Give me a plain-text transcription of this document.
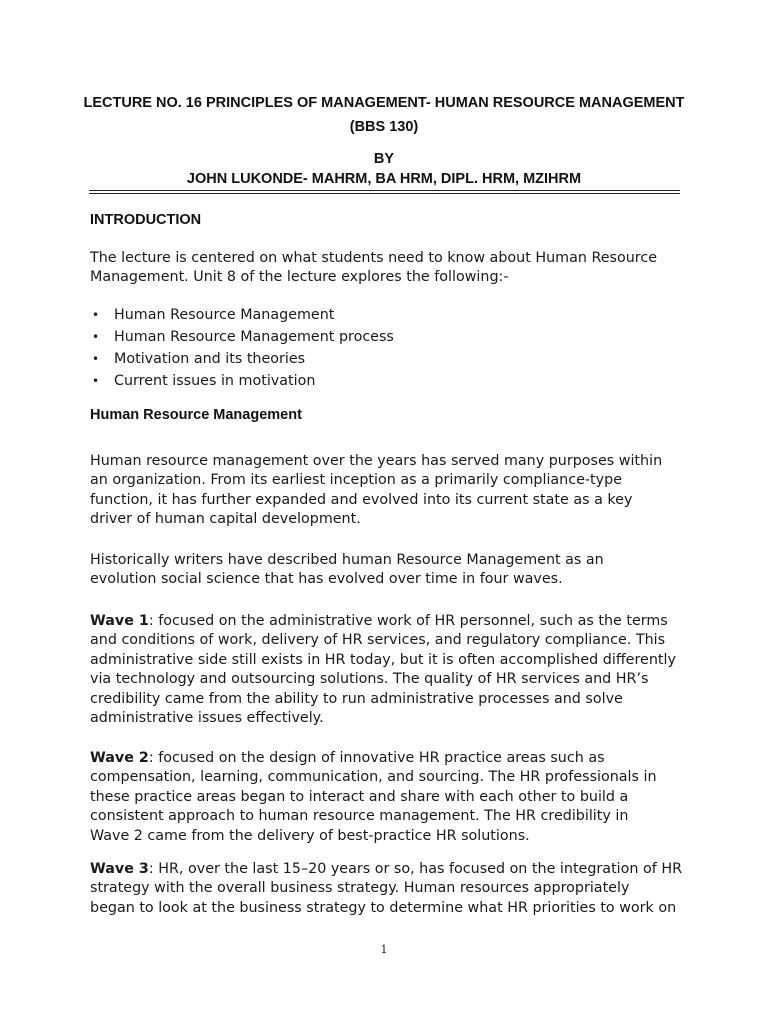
LECTURE NO. 16 PRINCIPLES OF MANAGEMENT- HUMAN RESOURCE MANAGEMENT
(BBS 130)
BY
JOHN LUKONDE- MAHRM, BA HRM, DIPL. HRM, MZIHRM
INTRODUCTION

The lecture is centered on what students need to know about Human Resource
Management. Unit 8 of the lecture explores the following:-

• Human Resource Management
• Human Resource Management process
• Motivation and its theories
• Current issues in motivation
Human Resource Management

Human resource management over the years has served many purposes within
an organization. From its earliest inception as a primarily compliance-type
function, it has further expanded and evolved into its current state as a key
driver of human capital development.

Historically writers have described human Resource Management as an
evolution social science that has evolved over time in four waves.

Wave 1: focused on the administrative work of HR personnel, such as the terms
and conditions of work, delivery of HR services, and regulatory compliance. This
administrative side still exists in HR today, but it is often accomplished differently
via technology and outsourcing solutions. The quality of HR services and HR’s
credibility came from the ability to run administrative processes and solve
administrative issues effectively.

Wave 2: focused on the design of innovative HR practice areas such as
compensation, learning, communication, and sourcing. The HR professionals in
these practice areas began to interact and share with each other to build a
consistent approach to human resource management. The HR credibility in
Wave 2 came from the delivery of best-practice HR solutions.

Wave 3: HR, over the last 15–20 years or so, has focused on the integration of HR
strategy with the overall business strategy. Human resources appropriately
began to look at the business strategy to determine what HR priorities to work on

1
